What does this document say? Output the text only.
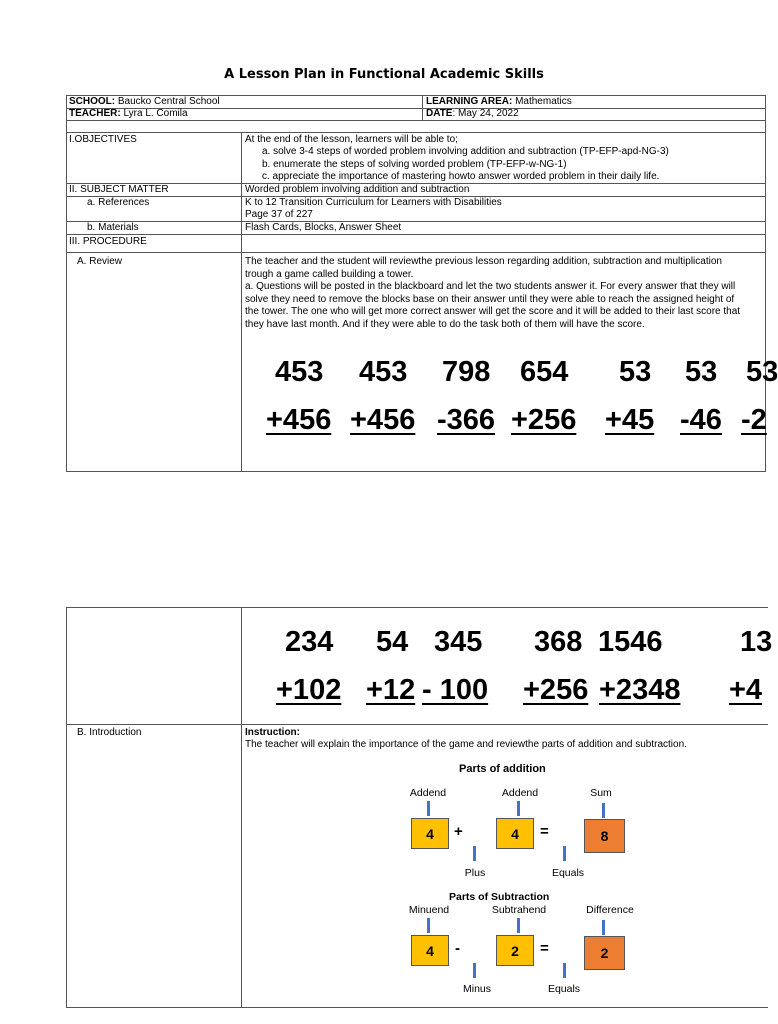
A Lesson Plan in Functional Academic Skills
SCHOOL: Baucko Central School	LEARNING AREA: Mathematics
TEACHER: Lyra L. Comila	DATE: May 24, 2022
I.OBJECTIVES	At the end of the lesson, learners will be able to;
a. solve 3-4 steps of worded problem involving addition and subtraction (TP-EFP-apd-NG-3)
b. enumerate the steps of solving worded problem (TP-EFP-w-NG-1)
c. appreciate the importance of mastering howto answer worded problem in their daily life.
II. SUBJECT MATTER	Worded problem involving addition and subtraction
a. References	K to 12 Transition Curriculum for Learners with Disabilities
Page 37 of 227
b. Materials	Flash Cards, Blocks, Answer Sheet
III. PROCEDURE
A. Review	The teacher and the student will reviewthe previous lesson regarding addition, subtraction and multiplication trough a game called building a tower.
a. Questions will be posted in the blackboard and let the two students answer it. For every answer that they will solve they need to remove the blocks base on their answer until they were able to reach the assigned height of the tower. The one who will get more correct answer will get the score and it will be added to their last score that they have last month. And if they were able to do the task both of them will have the score.
453 453 798 654 53 53 53
+456 +456 -366 +256 +45 -46 -2
234 54 345 368 1546	13
+102 +12 - 100 +256 +2348 +4
B. Introduction	Instruction:
The teacher will explain the importance of the game and reviewthe parts of addition and subtraction.
Parts of addition
Addend	Addend	Sum
4	+	4	=	8
Plus	Equals
Parts of Subtraction
Minuend	Subtrahend	Difference
4	-	2	=	2
Minus	Equals
